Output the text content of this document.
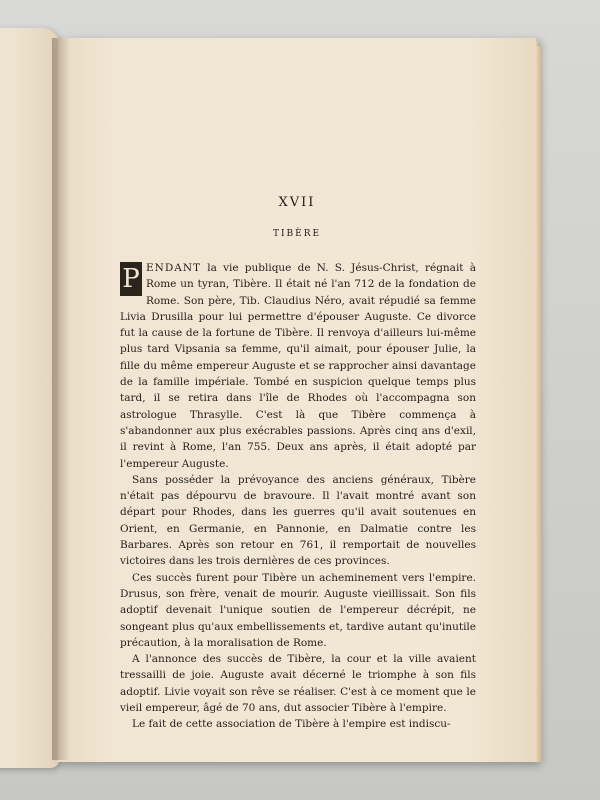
XVII
TIBÈRE

P ENDANT la vie publique de N. S. Jésus-Christ, régnait à Rome un tyran, Tibère. Il était né l'an 712 de la fondation de Rome. Son père, Tib. Claudius Néro, avait répudié sa femme Livia Drusilla pour lui permettre d'épouser Auguste. Ce divorce fut la cause de la fortune de Tibère. Il renvoya d'ailleurs lui-même plus tard Vipsania sa femme, qu'il aimait, pour épouser Julie, la fille du même empereur Auguste et se rapprocher ainsi davantage de la famille impériale. Tombé en suspicion quelque temps plus tard, il se retira dans l'île de Rhodes où l'accompagna son astrologue Thrasylle. C'est là que Tibère commença à s'abandonner aux plus exécrables passions. Après cinq ans d'exil, il revint à Rome, l'an 755. Deux ans après, il était adopté par l'empereur Auguste.

Sans posséder la prévoyance des anciens généraux, Tibère n'était pas dépourvu de bravoure. Il l'avait montré avant son départ pour Rhodes, dans les guerres qu'il avait soutenues en Orient, en Germanie, en Pannonie, en Dalmatie contre les Barbares. Après son retour en 761, il remportait de nouvelles victoires dans les trois dernières de ces provinces.

Ces succès furent pour Tibère un acheminement vers l'empire. Drusus, son frère, venait de mourir. Auguste vieillissait. Son fils adoptif devenait l'unique soutien de l'empereur décrépit, ne songeant plus qu'aux embellissements et, tardive autant qu'inutile précaution, à la moralisation de Rome.

A l'annonce des succès de Tibère, la cour et la ville avaient tressailli de joie. Auguste avait décerné le triomphe à son fils adoptif. Livie voyait son rêve se réaliser. C'est à ce moment que le vieil empereur, âgé de 70 ans, dut associer Tibère à l'empire.

Le fait de cette association de Tibère à l'empire est indiscu-
